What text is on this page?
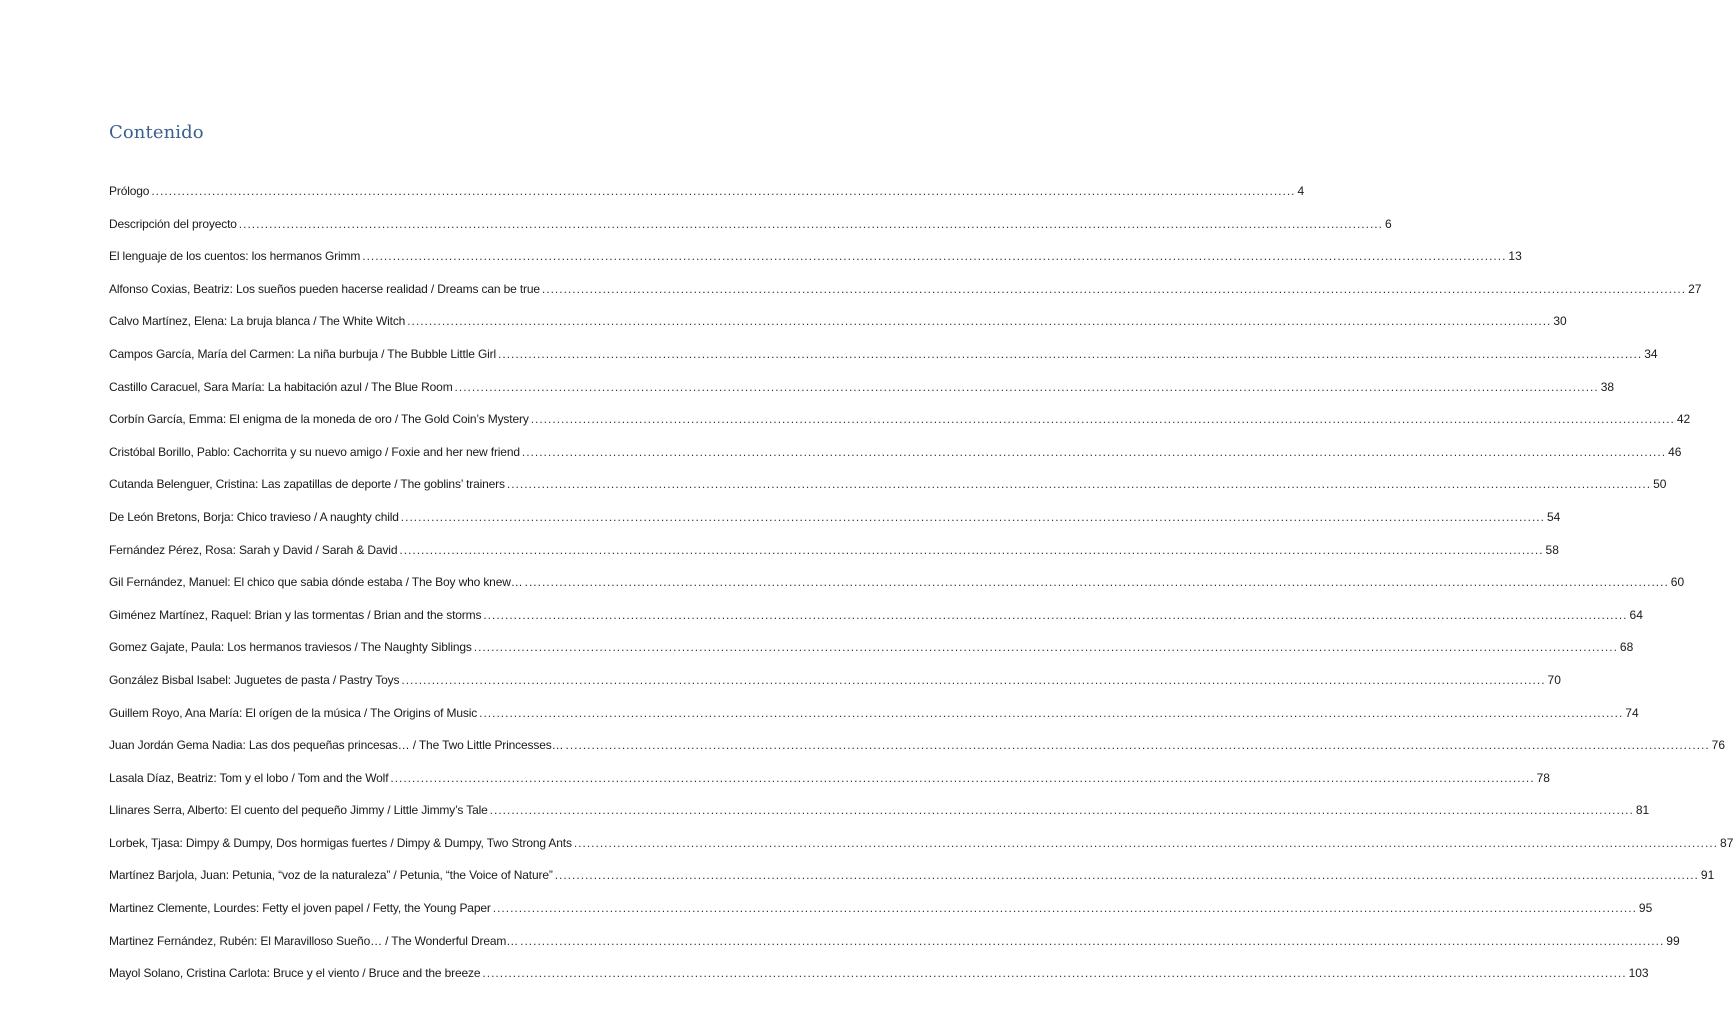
Contenido
Prólogo .....	4
Descripción del proyecto .....	6
El lenguaje de los cuentos: los hermanos Grimm .....	13
Alfonso Coxias, Beatriz: Los sueños pueden hacerse realidad / Dreams can be true .....	27
Calvo Martínez, Elena: La bruja blanca / The White Witch .....	30
Campos García, María del Carmen: La niña burbuja / The Bubble Little Girl .....	34
Castillo Caracuel, Sara María: La habitación azul / The Blue Room .....	38
Corbín García, Emma: El enigma de la moneda de oro / The Gold Coin’s Mystery .....	42
Cristóbal Borillo, Pablo: Cachorrita y su nuevo amigo / Foxie and her new friend .....	46
Cutanda Belenguer, Cristina: Las zapatillas de deporte / The goblins’ trainers .....	50
De León Bretons, Borja: Chico travieso / A naughty child .....	54
Fernández Pérez, Rosa: Sarah y David / Sarah & David .....	58
Gil Fernández, Manuel: El chico que sabia dónde estaba / The Boy who knew… .....	60
Giménez Martínez, Raquel: Brian y las tormentas / Brian and the storms .....	64
Gomez Gajate, Paula: Los hermanos traviesos / The Naughty Siblings .....	68
González Bisbal Isabel: Juguetes de pasta / Pastry Toys .....	70
Guillem Royo, Ana María: El orígen de la música / The Origins of Music .....	74
Juan Jordán Gema Nadia: Las dos pequeñas princesas… / The Two Little Princesses… .....	76
Lasala Díaz, Beatriz: Tom y el lobo / Tom and the Wolf .....	78
Llinares Serra, Alberto: El cuento del pequeño Jimmy / Little Jimmy’s Tale .....	81
Lorbek, Tjasa: Dimpy & Dumpy, Dos hormigas fuertes / Dimpy & Dumpy, Two Strong Ants .....	87
Martínez Barjola, Juan: Petunia, “voz de la naturaleza” / Petunia, “the Voice of Nature” .....	91
Martinez Clemente, Lourdes: Fetty el joven papel / Fetty, the Young Paper .....	95
Martinez Fernández, Rubén: El Maravilloso Sueño… / The Wonderful Dream… .....	99
Mayol Solano, Cristina Carlota: Bruce y el viento / Bruce and the breeze .....	103
